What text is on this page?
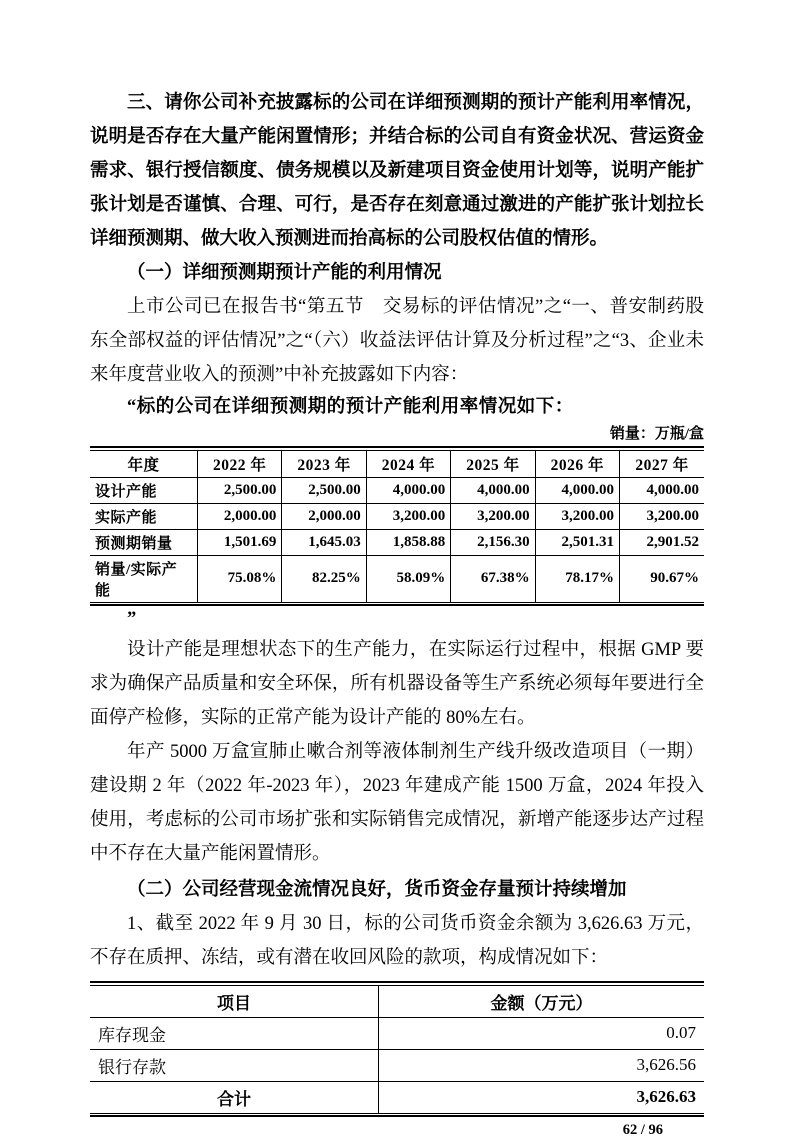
三、请你公司补充披露标的公司在详细预测期的预计产能利用率情况，说明是否存在大量产能闲置情形；并结合标的公司自有资金状况、营运资金需求、银行授信额度、债务规模以及新建项目资金使用计划等，说明产能扩张计划是否谨慎、合理、可行，是否存在刻意通过激进的产能扩张计划拉长详细预测期、做大收入预测进而抬高标的公司股权估值的情形。

（一）详细预测期预计产能的利用情况

上市公司已在报告书“第五节　交易标的评估情况”之“一、普安制药股东全部权益的评估情况”之“（六）收益法评估计算及分析过程”之“3、企业未来年度营业收入的预测”中补充披露如下内容：

“标的公司在详细预测期的预计产能利用率情况如下：

销量：万瓶/盒

年度	2022 年	2023 年	2024 年	2025 年	2026 年	2027 年
设计产能	2,500.00	2,500.00	4,000.00	4,000.00	4,000.00	4,000.00
实际产能	2,000.00	2,000.00	3,200.00	3,200.00	3,200.00	3,200.00
预测期销量	1,501.69	1,645.03	1,858.88	2,156.30	2,501.31	2,901.52
销量/实际产能	75.08%	82.25%	58.09%	67.38%	78.17%	90.67%

”

设计产能是理想状态下的生产能力，在实际运行过程中，根据 GMP 要求为确保产品质量和安全环保，所有机器设备等生产系统必须每年要进行全面停产检修，实际的正常产能为设计产能的 80%左右。

年产 5000 万盒宣肺止嗽合剂等液体制剂生产线升级改造项目（一期）建设期 2 年（2022 年-2023 年），2023 年建成产能 1500 万盒，2024 年投入使用，考虑标的公司市场扩张和实际销售完成情况，新增产能逐步达产过程中不存在大量产能闲置情形。

（二）公司经营现金流情况良好，货币资金存量预计持续增加

1、截至 2022 年 9 月 30 日，标的公司货币资金余额为 3,626.63 万元，不存在质押、冻结，或有潜在收回风险的款项，构成情况如下：

项目	金额（万元）
库存现金	0.07
银行存款	3,626.56
合计	3,626.63

62 / 96
